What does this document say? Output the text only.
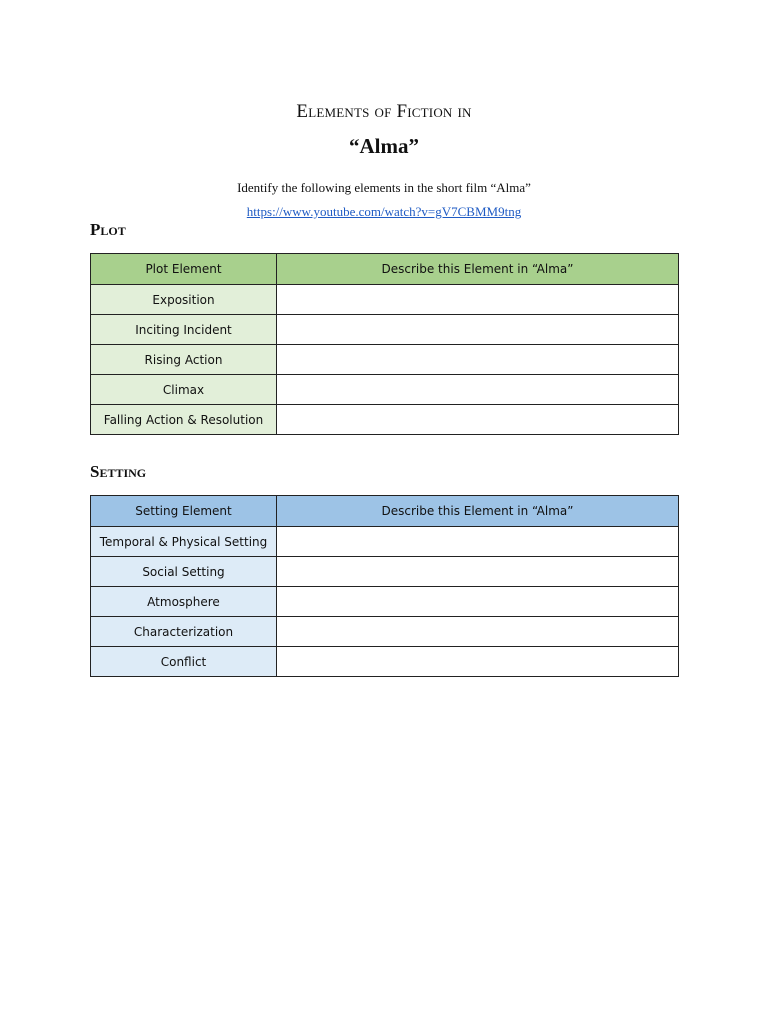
Elements of Fiction in
“Alma”
Identify the following elements in the short film “Alma”
https://www.youtube.com/watch?v=gV7CBMM9tng
Plot
Plot Element	Describe this Element in “Alma”
Exposition	
Inciting Incident	
Rising Action	
Climax	
Falling Action & Resolution	
Setting
Setting Element	Describe this Element in “Alma”
Temporal & Physical Setting	
Social Setting	
Atmosphere	
Characterization	
Conflict	
